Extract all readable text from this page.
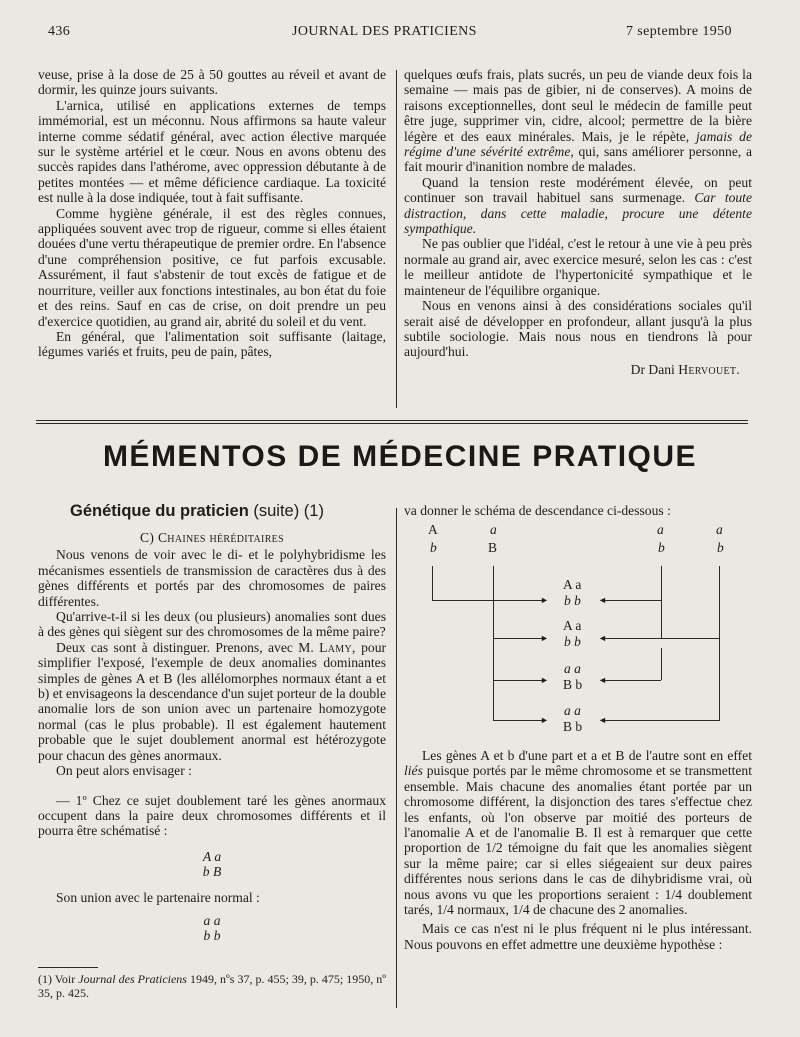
436	JOURNAL DES PRATICIENS	7 septembre 1950

veuse, prise à la dose de 25 à 50 gouttes au réveil et avant de dormir, les quinze jours suivants.

L'arnica, utilisé en applications externes de temps immémorial, est un méconnu. Nous affirmons sa haute valeur interne comme sédatif général, avec action élective marquée sur le système artériel et le cœur. Nous en avons obtenu des succès rapides dans l'athérome, avec oppression débutante à de petites montées — et même déficience cardiaque. La toxicité est nulle à la dose indiquée, tout à fait suffisante.

Comme hygiène générale, il est des règles connues, appliquées souvent avec trop de rigueur, comme si elles étaient douées d'une vertu thérapeutique de premier ordre. En l'absence d'une compréhension positive, ce fut parfois excusable. Assurément, il faut s'abstenir de tout excès de fatigue et de nourriture, veiller aux fonctions intestinales, au bon état du foie et des reins. Sauf en cas de crise, on doit prendre un peu d'exercice quotidien, au grand air, abrité du soleil et du vent.

En général, que l'alimentation soit suffisante (laitage, légumes variés et fruits, peu de pain, pâtes,

quelques œufs frais, plats sucrés, un peu de viande deux fois la semaine — mais pas de gibier, ni de conserves). A moins de raisons exceptionnelles, dont seul le médecin de famille peut être juge, supprimer vin, cidre, alcool; permettre de la bière légère et des eaux minérales. Mais, je le répète, jamais de régime d'une sévérité extrême, qui, sans améliorer personne, a fait mourir d'inanition nombre de malades.

Quand la tension reste modérément élevée, on peut continuer son travail habituel sans surmenage. Car toute distraction, dans cette maladie, procure une détente sympathique.

Ne pas oublier que l'idéal, c'est le retour à une vie à peu près normale au grand air, avec exercice mesuré, selon les cas : c'est le meilleur antidote de l'hypertonicité sympathique et le mainteneur de l'équilibre organique.

Nous en venons ainsi à des considérations sociales qu'il serait aisé de développer en profondeur, allant jusqu'à la plus subtile sociologie. Mais nous nous en tiendrons là pour aujourd'hui.

Dr Dani Hervouet.
MÉMENTOS DE MÉDECINE PRATIQUE
Génétique du praticien (suite) (1)
C) Chaines héréditaires

Nous venons de voir avec le di- et le polyhybridisme les mécanismes essentiels de transmission de caractères dus à des gènes différents et portés par des chromosomes de paires différentes.

Qu'arrive-t-il si les deux (ou plusieurs) anomalies sont dues à des gènes qui siègent sur des chromosomes de la même paire?

Deux cas sont à distinguer. Prenons, avec M. Lamy, pour simplifier l'exposé, l'exemple de deux anomalies dominantes simples de gènes A et B (les allélomorphes normaux étant a et b) et envisageons la descendance d'un sujet porteur de la double anomalie lors de son union avec un partenaire homozygote normal (cas le plus probable). Il est également hautement probable que le sujet doublement anormal est hétérozygote pour chacun des gènes anormaux.

On peut alors envisager :

— 1º Chez ce sujet doublement taré les gènes anormaux occupent dans la paire deux chromosomes différents et il pourra être schématisé :

A a

b B

Son union avec le partenaire normal :

a a

b b

(1) Voir Journal des Praticiens 1949, nºs 37, p. 455; 39, p. 475; 1950, nº 35, p. 425.
va donner le schéma de descendance ci-dessous :
A	a
b	B
a	a
b	b
►	◄
►	◄
►	◄
►	◄
A a
b b
A a
b b
a a
B b
a a
B b

Les gènes A et b d'une part et a et B de l'autre sont en effet liés puisque portés par le même chromosome et se transmettent ensemble. Mais chacune des anomalies étant portée par un chromosome différent, la disjonction des tares s'effectue chez les enfants, où l'on observe par moitié des porteurs de l'anomalie A et de l'anomalie B. Il est à remarquer que cette proportion de 1/2 témoigne du fait que les anomalies siègent sur la même paire; car si elles siégeaient sur deux paires différentes nous serions dans le cas de dihybridisme vrai, où nous avons vu que les proportions seraient : 1/4 doublement tarés, 1/4 normaux, 1/4 de chacune des 2 anomalies.

Mais ce cas n'est ni le plus fréquent ni le plus intéressant. Nous pouvons en effet admettre une deuxième hypothèse :
